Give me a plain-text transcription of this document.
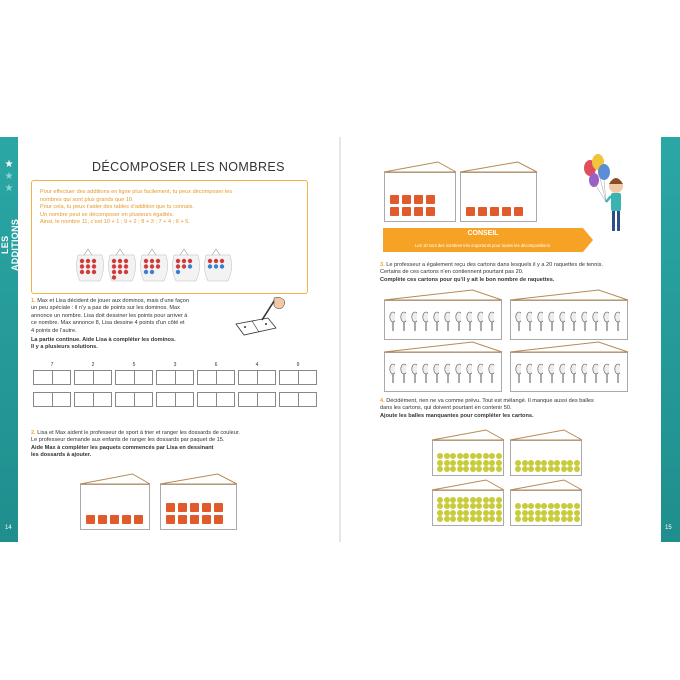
★
★
★
LES ADDITIONS
14	15
DÉCOMPOSER LES NOMBRES
Pour effectuer des additions en ligne plus facilement, tu peux décomposer les
nombres qui sont plus grands que 10.
Pour cela, tu peux t’aider des tables d’addition que tu connais.
Un nombre peut se décomposer en plusieurs égalités.
Ainsi, le nombre 11, c’est 10 + 1 ; 9 + 2 ; 8 + 3 ; 7 + 4 ; 6 + 5.
1. Max et Lisa décident de jouer aux dominos, mais d’une façon
un peu spéciale : il n’y a pas de points sur les dominos. Max
annonce un nombre. Lisa doit dessiner les points pour arriver à
ce nombre. Max annonce 8, Lisa dessine 4 points d’un côté et
4 points de l’autre.
La partie continue. Aide Lisa à compléter les dominos.
Il y a plusieurs solutions.
7	2	5	3	6	4	9
2. Lisa et Max aident le professeur de sport à trier et ranger les dossards de couleur.
Le professeur demande aux enfants de ranger les dossards par paquet de 15.
Aide Max à compléter les paquets commencés par Lisa en dessinant
les dossards à ajouter.
CONSEIL
Les 10 sont des nombres très importants pour toutes les décompositions.
3. Le professeur a également reçu des cartons dans lesquels il y a 20 raquettes de tennis.
Certains de ces cartons n’en contiennent pourtant pas 20.
Complète ces cartons pour qu’il y ait le bon nombre de raquettes.
4. Décidément, rien ne va comme prévu. Tout est mélangé. Il manque aussi des balles
dans les cartons, qui doivent pourtant en contenir 50.
Ajoute les balles manquantes pour compléter les cartons.
